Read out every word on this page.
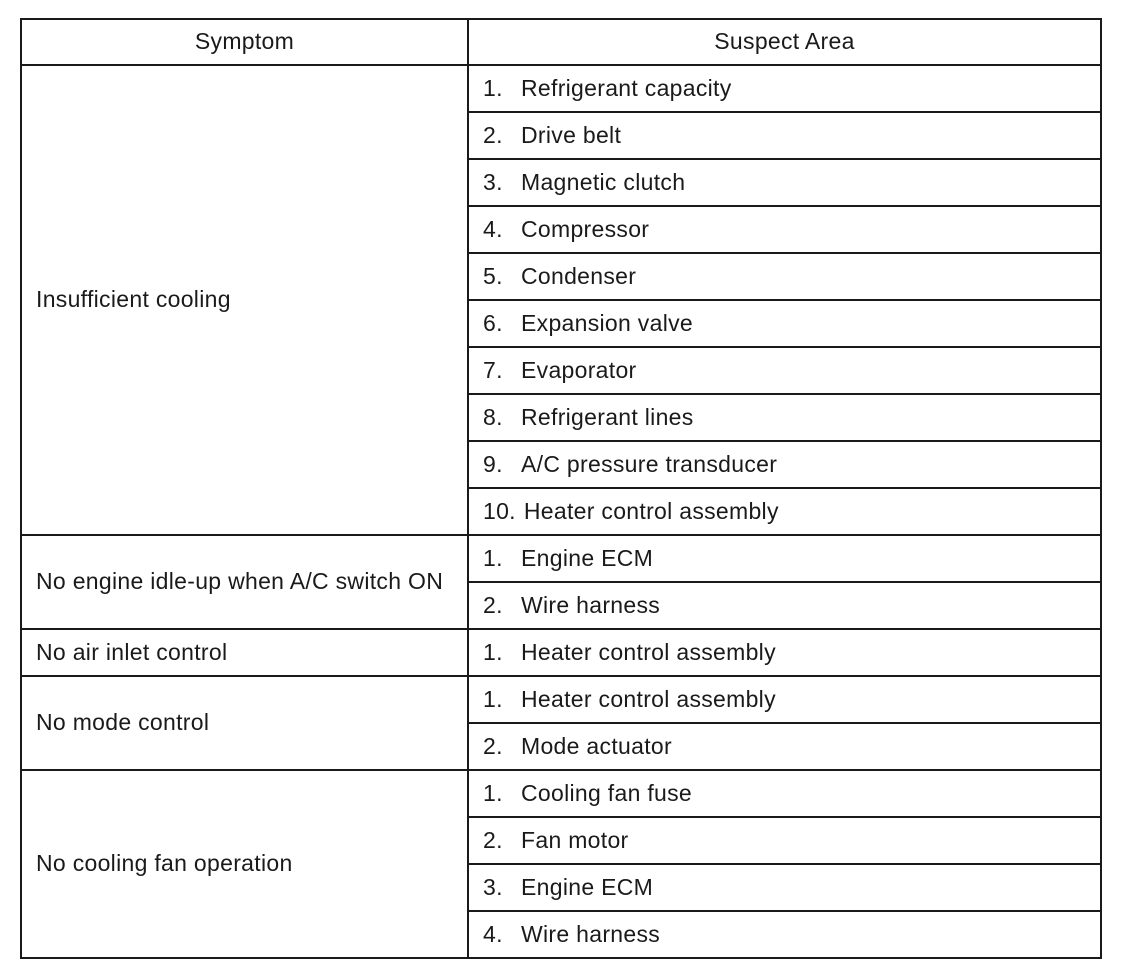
Symptom	Suspect Area
Insufficient cooling	1. Refrigerant capacity
	2. Drive belt
	3. Magnetic clutch
	4. Compressor
	5. Condenser
	6. Expansion valve
	7. Evaporator
	8. Refrigerant lines
	9. A/C pressure transducer
	10. Heater control assembly
No engine idle-up when A/C switch ON	1. Engine ECM
	2. Wire harness
No air inlet control	1. Heater control assembly
No mode control	1. Heater control assembly
	2. Mode actuator
No cooling fan operation	1. Cooling fan fuse
	2. Fan motor
	3. Engine ECM
	4. Wire harness
